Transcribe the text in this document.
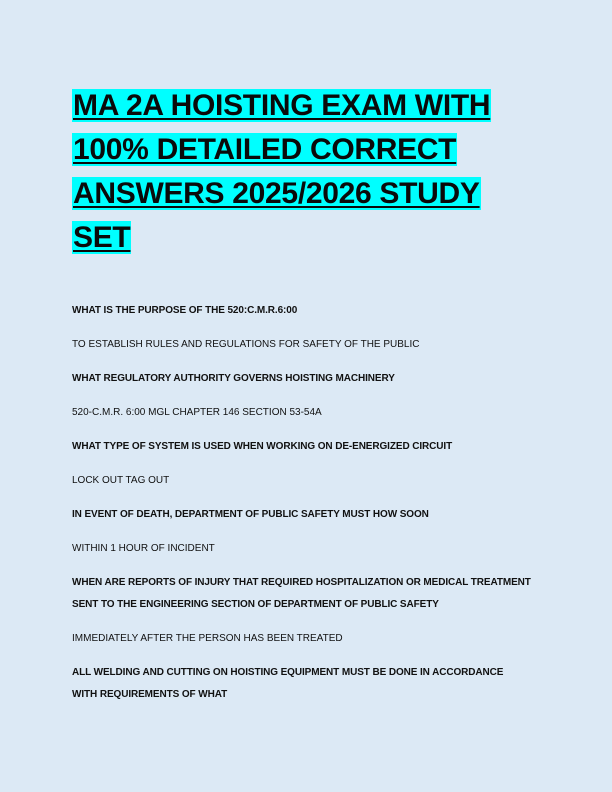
MA 2A HOISTING EXAM WITH 100% DETAILED CORRECT ANSWERS 2025/2026 STUDY SET

WHAT IS THE PURPOSE OF THE 520:C.M.R.6:00

TO ESTABLISH RULES AND REGULATIONS FOR SAFETY OF THE PUBLIC

WHAT REGULATORY AUTHORITY GOVERNS HOISTING MACHINERY

520-C.M.R. 6:00 MGL CHAPTER 146 SECTION 53-54A

WHAT TYPE OF SYSTEM IS USED WHEN WORKING ON DE-ENERGIZED CIRCUIT

LOCK OUT TAG OUT

IN EVENT OF DEATH, DEPARTMENT OF PUBLIC SAFETY MUST HOW SOON

WITHIN 1 HOUR OF INCIDENT

WHEN ARE REPORTS OF INJURY THAT REQUIRED HOSPITALIZATION OR MEDICAL TREATMENT

SENT TO THE ENGINEERING SECTION OF DEPARTMENT OF PUBLIC SAFETY

IMMEDIATELY AFTER THE PERSON HAS BEEN TREATED

ALL WELDING AND CUTTING ON HOISTING EQUIPMENT MUST BE DONE IN ACCORDANCE

WITH REQUIREMENTS OF WHAT
